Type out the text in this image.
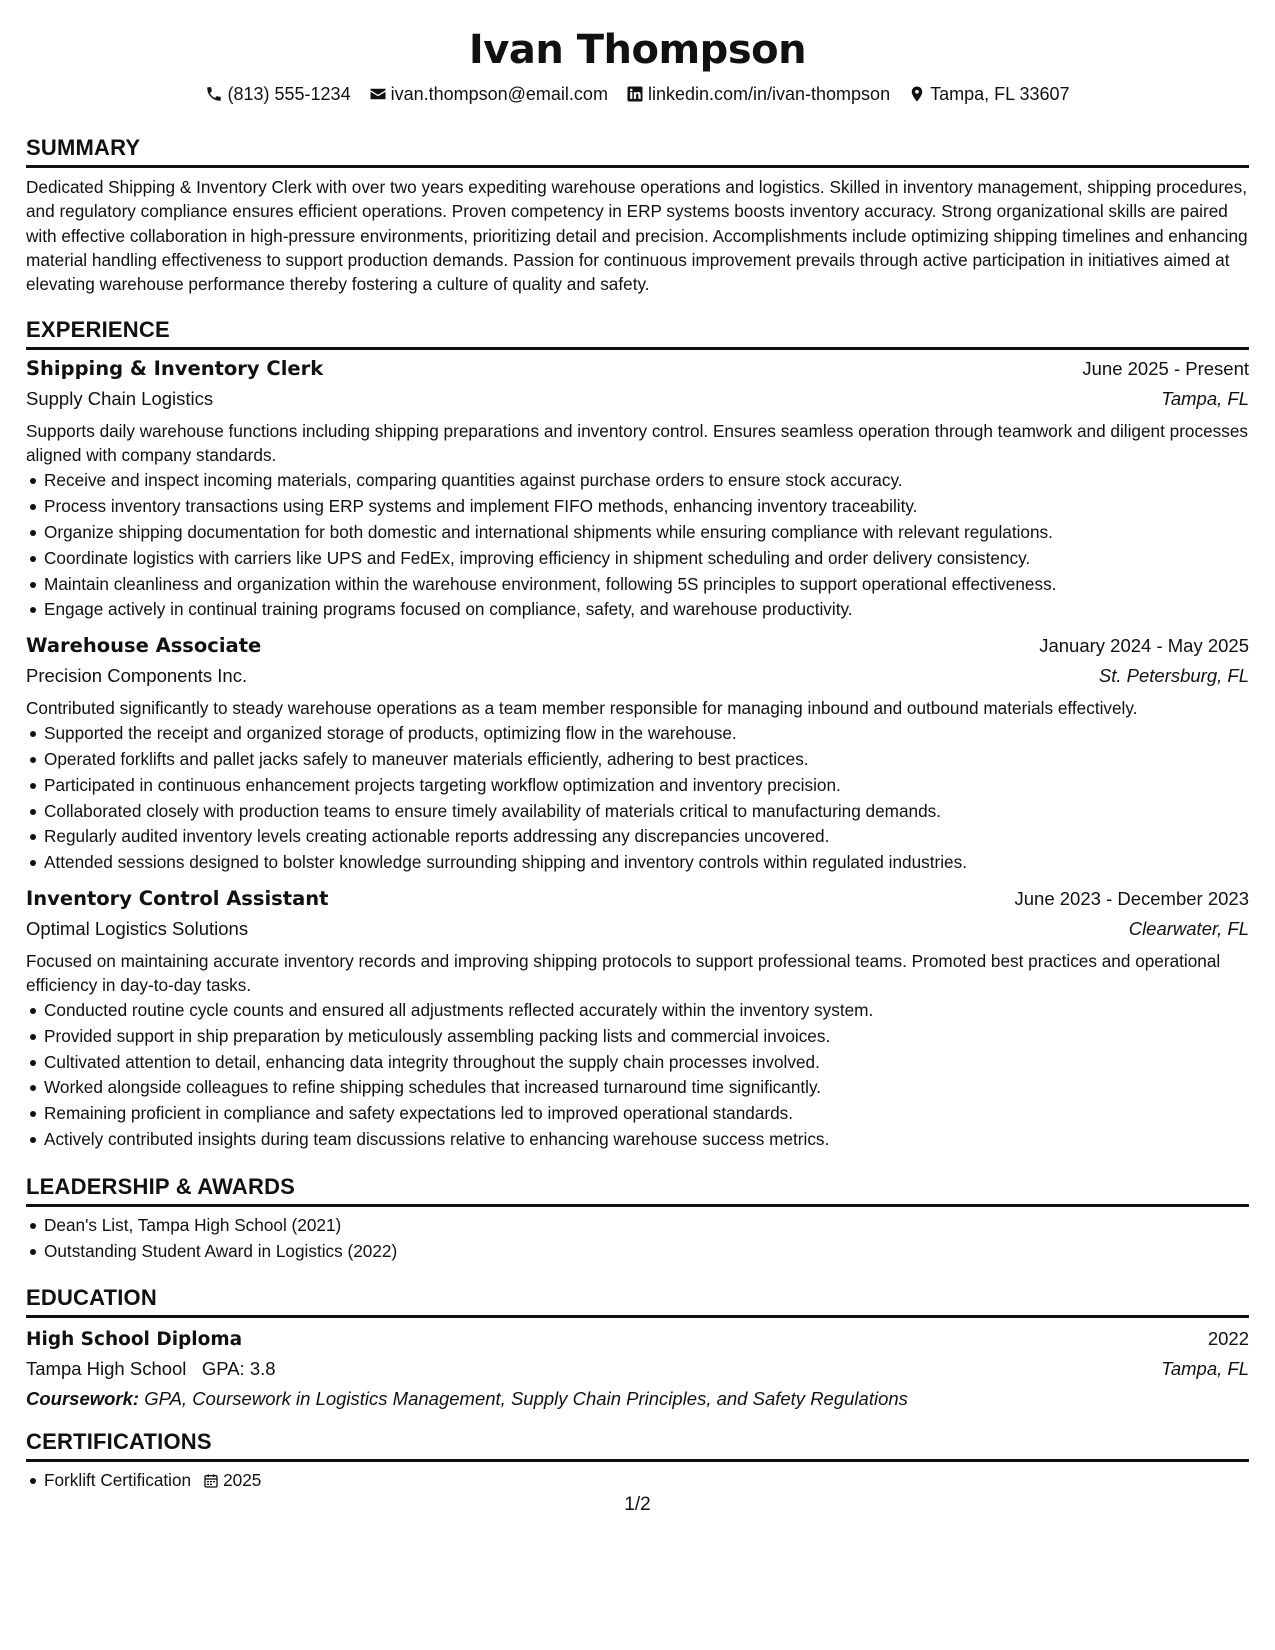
Ivan Thompson
(813) 555-1234 ivan.thompson@email.com linkedin.com/in/ivan-thompson Tampa, FL 33607
SUMMARY

Dedicated Shipping & Inventory Clerk with over two years expediting warehouse operations and logistics. Skilled in inventory management, shipping procedures, and regulatory compliance ensures efficient operations. Proven competency in ERP systems boosts inventory accuracy. Strong organizational skills are paired with effective collaboration in high-pressure environments, prioritizing detail and precision. Accomplishments include optimizing shipping timelines and enhancing material handling effectiveness to support production demands. Passion for continuous improvement prevails through active participation in initiatives aimed at elevating warehouse performance thereby fostering a culture of quality and safety.

EXPERIENCE
Shipping & Inventory Clerk	June 2025 - Present
Supply Chain Logistics	Tampa, FL

Supports daily warehouse functions including shipping preparations and inventory control. Ensures seamless operation through teamwork and diligent processes aligned with company standards.

Receive and inspect incoming materials, comparing quantities against purchase orders to ensure stock accuracy.
Process inventory transactions using ERP systems and implement FIFO methods, enhancing inventory traceability.
Organize shipping documentation for both domestic and international shipments while ensuring compliance with relevant regulations.
Coordinate logistics with carriers like UPS and FedEx, improving efficiency in shipment scheduling and order delivery consistency.
Maintain cleanliness and organization within the warehouse environment, following 5S principles to support operational effectiveness.
Engage actively in continual training programs focused on compliance, safety, and warehouse productivity.
Warehouse Associate	January 2024 - May 2025
Precision Components Inc.	St. Petersburg, FL

Contributed significantly to steady warehouse operations as a team member responsible for managing inbound and outbound materials effectively.

Supported the receipt and organized storage of products, optimizing flow in the warehouse.
Operated forklifts and pallet jacks safely to maneuver materials efficiently, adhering to best practices.
Participated in continuous enhancement projects targeting workflow optimization and inventory precision.
Collaborated closely with production teams to ensure timely availability of materials critical to manufacturing demands.
Regularly audited inventory levels creating actionable reports addressing any discrepancies uncovered.
Attended sessions designed to bolster knowledge surrounding shipping and inventory controls within regulated industries.
Inventory Control Assistant	June 2023 - December 2023
Optimal Logistics Solutions	Clearwater, FL

Focused on maintaining accurate inventory records and improving shipping protocols to support professional teams. Promoted best practices and operational efficiency in day-to-day tasks.

Conducted routine cycle counts and ensured all adjustments reflected accurately within the inventory system.
Provided support in ship preparation by meticulously assembling packing lists and commercial invoices.
Cultivated attention to detail, enhancing data integrity throughout the supply chain processes involved.
Worked alongside colleagues to refine shipping schedules that increased turnaround time significantly.
Remaining proficient in compliance and safety expectations led to improved operational standards.
Actively contributed insights during team discussions relative to enhancing warehouse success metrics.
LEADERSHIP & AWARDS
Dean's List, Tampa High School (2021)
Outstanding Student Award in Logistics (2022)
EDUCATION
High School Diploma	2022
Tampa High School GPA: 3.8	Tampa, FL
Coursework: GPA, Coursework in Logistics Management, Supply Chain Principles, and Safety Regulations
CERTIFICATIONS
Forklift Certification 2025
1/2
